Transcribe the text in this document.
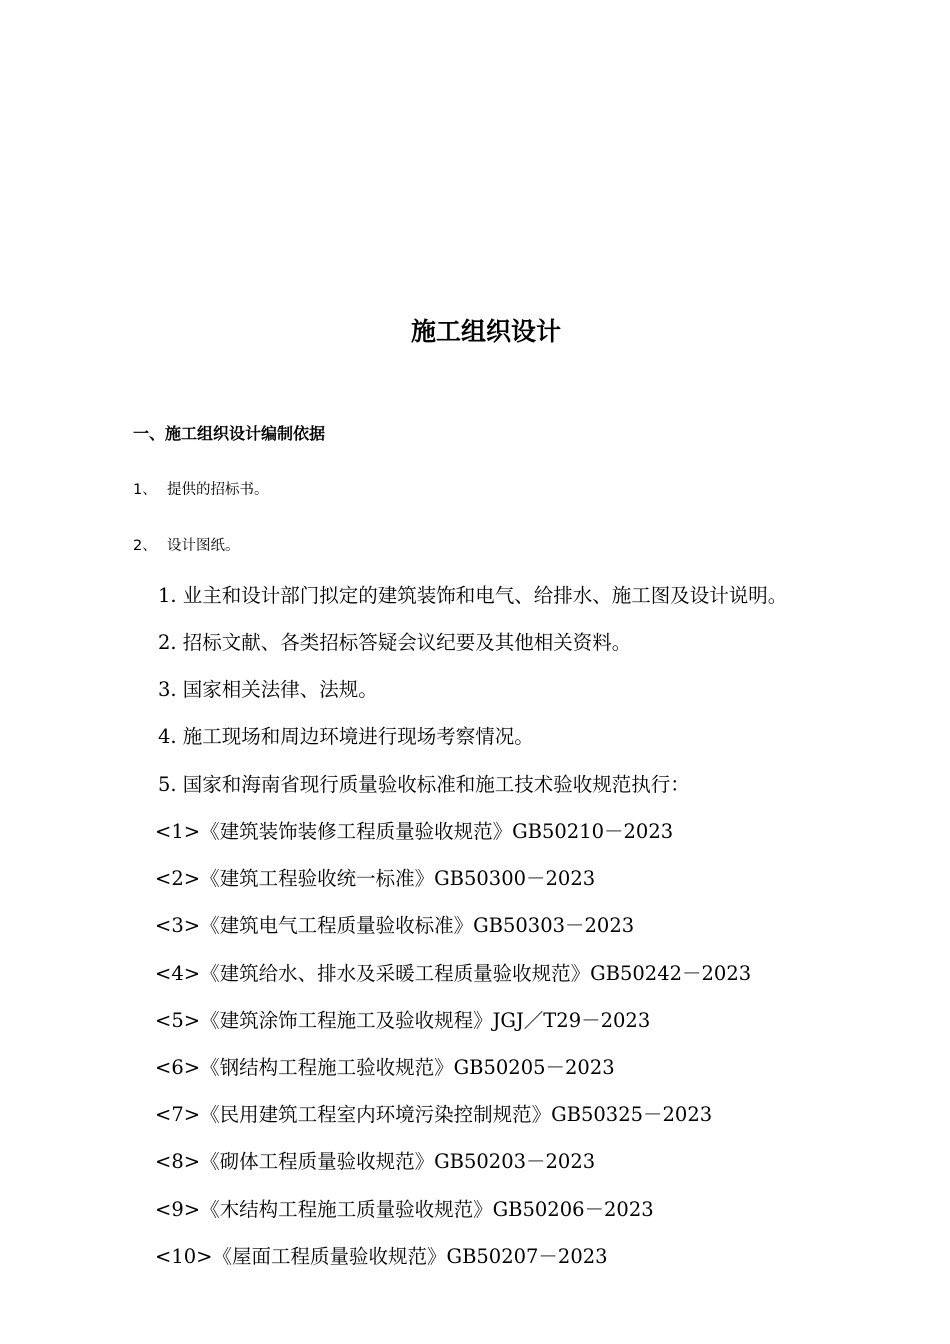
施工组织设计
一、施工组织设计编制依据
1、 提供的招标书。
2、 设计图纸。
1. 业主和设计部门拟定的建筑装饰和电气、给排水、施工图及设计说明。
2. 招标文献、各类招标答疑会议纪要及其他相关资料。
3. 国家相关法律、法规。
4. 施工现场和周边环境进行现场考察情况。
5. 国家和海南省现行质量验收标准和施工技术验收规范执行：
<1>《建筑装饰装修工程质量验收规范》GB50210－2023
<2>《建筑工程验收统一标准》GB50300－2023
<3>《建筑电气工程质量验收标准》GB50303－2023
<4>《建筑给水、排水及采暖工程质量验收规范》GB50242－2023
<5>《建筑涂饰工程施工及验收规程》JGJ／T29－2023
<6>《钢结构工程施工验收规范》GB50205－2023
<7>《民用建筑工程室内环境污染控制规范》GB50325－2023
<8>《砌体工程质量验收规范》GB50203－2023
<9>《木结构工程施工质量验收规范》GB50206－2023
<10>《屋面工程质量验收规范》GB50207－2023
